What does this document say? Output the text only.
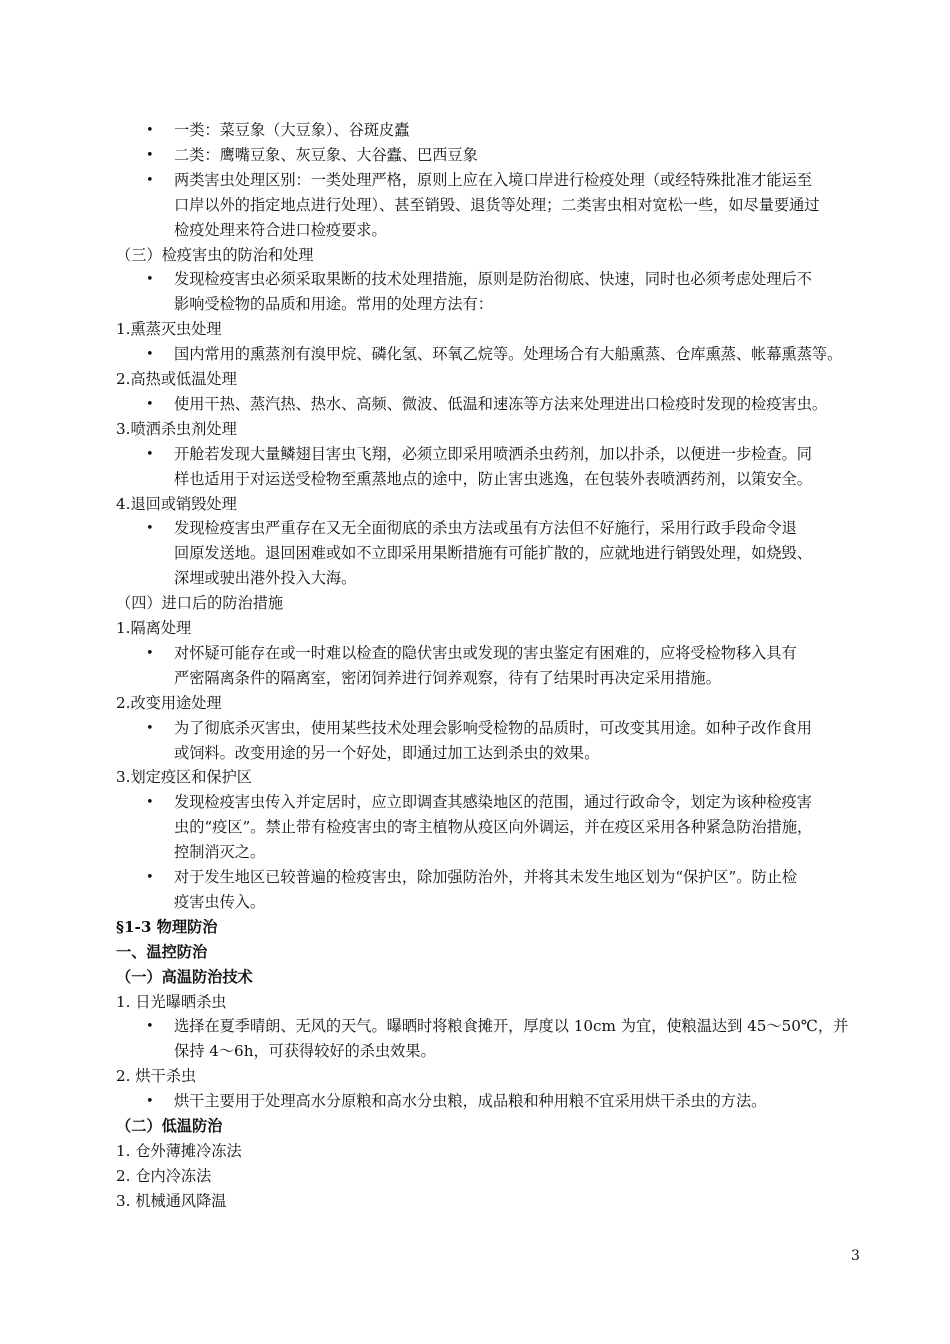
• 一类：菜豆象（大豆象）、谷斑皮蠹
• 二类：鹰嘴豆象、灰豆象、大谷蠹、巴西豆象
• 两类害虫处理区别：一类处理严格，原则上应在入境口岸进行检疫处理（或经特殊批准才能运至
口岸以外的指定地点进行处理）、甚至销毁、退货等处理；二类害虫相对宽松一些，如尽量要通过
检疫处理来符合进口检疫要求。
（三）检疫害虫的防治和处理
• 发现检疫害虫必须采取果断的技术处理措施，原则是防治彻底、快速，同时也必须考虑处理后不
影响受检物的品质和用途。常用的处理方法有：
1.熏蒸灭虫处理
• 国内常用的熏蒸剂有溴甲烷、磷化氢、环氧乙烷等。处理场合有大船熏蒸、仓库熏蒸、帐幕熏蒸等。
2.高热或低温处理
• 使用干热、蒸汽热、热水、高频、微波、低温和速冻等方法来处理进出口检疫时发现的检疫害虫。
3.喷洒杀虫剂处理
• 开舱若发现大量鳞翅目害虫飞翔，必须立即采用喷洒杀虫药剂，加以扑杀，以便进一步检查。同
样也适用于对运送受检物至熏蒸地点的途中，防止害虫逃逸，在包装外表喷洒药剂，以策安全。
4.退回或销毁处理
• 发现检疫害虫严重存在又无全面彻底的杀虫方法或虽有方法但不好施行，采用行政手段命令退
回原发送地。退回困难或如不立即采用果断措施有可能扩散的，应就地进行销毁处理，如烧毁、
深埋或驶出港外投入大海。
（四）进口后的防治措施
1.隔离处理
• 对怀疑可能存在或一时难以检查的隐伏害虫或发现的害虫鉴定有困难的，应将受检物移入具有
严密隔离条件的隔离室，密闭饲养进行饲养观察，待有了结果时再决定采用措施。
2.改变用途处理
• 为了彻底杀灭害虫，使用某些技术处理会影响受检物的品质时，可改变其用途。如种子改作食用
或饲料。改变用途的另一个好处，即通过加工达到杀虫的效果。
3.划定疫区和保护区
• 发现检疫害虫传入并定居时，应立即调查其感染地区的范围，通过行政命令，划定为该种检疫害
虫的“疫区”。禁止带有检疫害虫的寄主植物从疫区向外调运，并在疫区采用各种紧急防治措施，
控制消灭之。
• 对于发生地区已较普遍的检疫害虫，除加强防治外，并将其未发生地区划为“保护区”。防止检
疫害虫传入。
§1-3 物理防治
一、温控防治
（一）高温防治技术
1. 日光曝晒杀虫
• 选择在夏季晴朗、无风的天气。曝晒时将粮食摊开，厚度以 10cm 为宜，使粮温达到 45～50℃，并
保持 4～6h，可获得较好的杀虫效果。
2. 烘干杀虫
• 烘干主要用于处理高水分原粮和高水分虫粮，成品粮和种用粮不宜采用烘干杀虫的方法。
（二）低温防治
1. 仓外薄摊冷冻法
2. 仓内冷冻法
3. 机械通风降温
3
